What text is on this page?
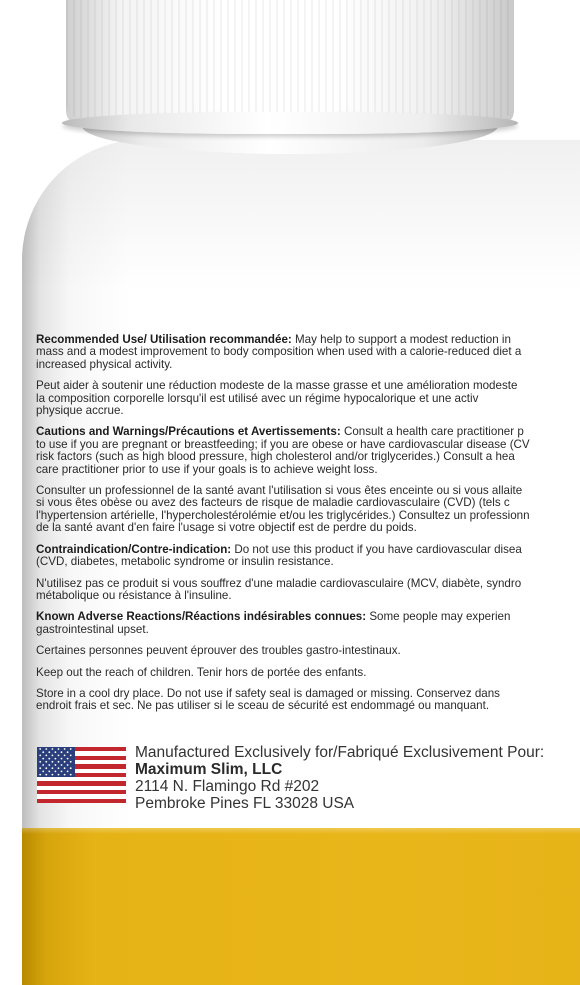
Recommended Use/ Utilisation recommandée: May help to support a modest reduction in
mass and a modest improvement to body composition when used with a calorie-reduced diet a
increased physical activity.

Peut aider à soutenir une réduction modeste de la masse grasse et une amélioration modeste
la composition corporelle lorsqu'il est utilisé avec un régime hypocalorique et une activ
physique accrue.

Cautions and Warnings/Précautions et Avertissements: Consult a health care practitioner p
to use if you are pregnant or breastfeeding; if you are obese or have cardiovascular disease (CV
risk factors (such as high blood pressure, high cholesterol and/or triglycerides.) Consult a hea
care practitioner prior to use if your goals is to achieve weight loss.

Consulter un professionnel de la santé avant l'utilisation si vous êtes enceinte ou si vous allaite
si vous êtes obèse ou avez des facteurs de risque de maladie cardiovasculaire (CVD) (tels c
l'hypertension artérielle, l'hypercholestérolémie et/ou les triglycérides.) Consultez un professionn
de la santé avant d'en faire l'usage si votre objectif est de perdre du poids.

Contraindication/Contre-indication: Do not use this product if you have cardiovascular disea
(CVD, diabetes, metabolic syndrome or insulin resistance.

N'utilisez pas ce produit si vous souffrez d'une maladie cardiovasculaire (MCV, diabète, syndro
métabolique ou résistance à l'insuline.

Known Adverse Reactions/Réactions indésirables connues: Some people may experien
gastrointestinal upset.

Certaines personnes peuvent éprouver des troubles gastro-intestinaux.

Keep out the reach of children. Tenir hors de portée des enfants.

Store in a cool dry place. Do not use if safety seal is damaged or missing. Conservez dans
endroit frais et sec. Ne pas utiliser si le sceau de sécurité est endommagé ou manquant.

Manufactured Exclusively for/Fabriqué Exclusivement Pour:
Maximum Slim, LLC
2114 N. Flamingo Rd #202
Pembroke Pines FL 33028 USA
